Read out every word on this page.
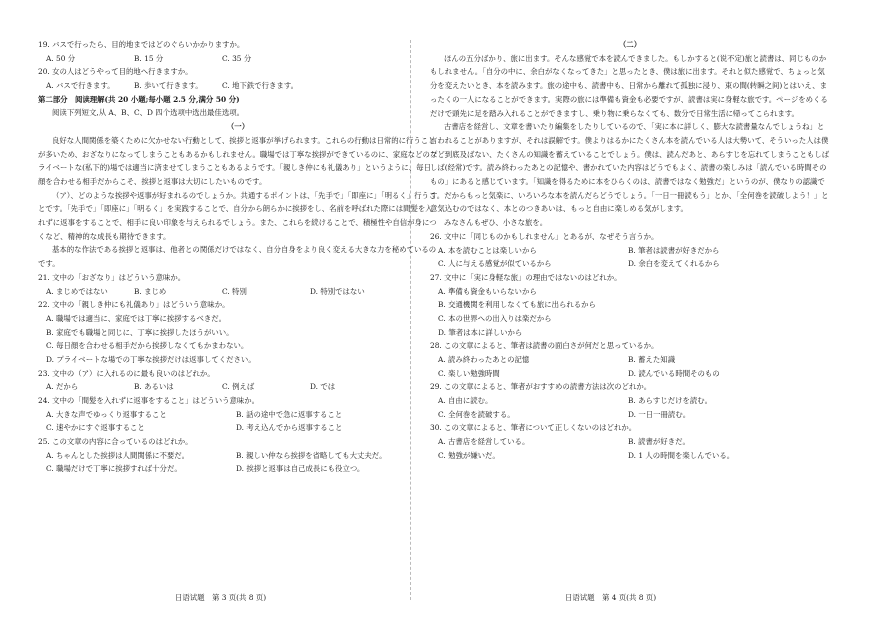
19. バスで行ったら、目的地まではどのぐらいかかりますか。
A. 50 分	B. 15 分	C. 35 分
20. 女の人はどうやって目的地へ行きますか。
A. バスで行きます。	B. 歩いて行きます。	C. 地下鉄で行きます。
第二部分　阅读理解(共 20 小题;每小题 2.5 分,满分 50 分)
阅读下列短文,从 A、B、C、D 四个选项中选出最佳选项。
（一）
良好な人間関係を築くために欠かせない行動として、挨拶と返事が挙げられます。これらの行動は日常的に行うことが多いため、おざなりになってしまうこともあるかもしれません。職場では丁寧な挨拶ができているのに、家庭などのプライベートな(私下的)場では適当に済ませてしまうこともあるようです。「親しき仲にも礼儀あり」というように、毎日顔を合わせる相手だからこそ、挨拶と返事は大切にしたいものです。
（ア）、どのような挨拶や返事が好まれるのでしょうか。共通するポイントは、「先手で」「即座に」「明るく」行うことです。「先手で」「即座に」「明るく」を実践することで、自分から朗らかに挨拶をし、名前を呼ばれた際には間髪を入れずに返事をすることで、相手に良い印象を与えられるでしょう。また、これらを続けることで、積極性や自信が身につくなど、精神的な成長も期待できます。
基本的な作法である挨拶と返事は、他者との関係だけではなく、自分自身をより良く変える大きな力を秘めているのです。
21. 文中の「おざなり」はどういう意味か。
A. まじめではない	B. まじめ	C. 特別	D. 特別ではない
22. 文中の「親しき仲にも礼儀あり」はどういう意味か。
A. 職場では適当に、家庭では丁寧に挨拶するべきだ。
B. 家庭でも職場と同じに、丁寧に挨拶したほうがいい。
C. 毎日顔を合わせる相手だから挨拶しなくてもかまわない。
D. プライベートな場での丁寧な挨拶だけは返事してください。
23. 文中の（ア）に入れるのに最も良いのはどれか。
A. だから	B. あるいは	C. 例えば	D. では
24. 文中の「間髪を入れずに返事をすること」はどういう意味か。
A. 大きな声でゆっくり返事すること	B. 話の途中で急に返事すること
C. 速やかにすぐ返事すること	D. 考え込んでから返事すること
25. この文章の内容に合っているのはどれか。
A. ちゃんとした挨拶は人間関係に不要だ。	B. 親しい仲なら挨拶を省略しても大丈夫だ。
C. 職場だけで丁寧に挨拶すれば十分だ。	D. 挨拶と返事は自己成長にも役立つ。
（二）
ほんの五分ばかり、旅に出ます。そんな感覚で本を読んできました。もしかすると(说不定)旅と読書は、同じものかもしれません。「自分の中に、余白がなくなってきた」と思ったとき、僕は旅に出ます。それと似た感覚で、ちょっと気分を変えたいとき、本を読みます。旅の途中も、読書中も、日常から離れて孤独に浸り、束の間(转瞬之间)とはいえ、まったくの一人になることができます。実際の旅には準備も資金も必要ですが、読書は実に身軽な旅です。ページをめくるだけで頭先に足を踏み入れることができますし、乗り物に乗らなくても、数分で日常生活に帰ってこられます。
古書店を経営し、文章を書いたり編集をしたりしているので、「実に本に詳しく、膨大な読書量なんでしょうね」と言われることがありますが、それは誤解です。僕よりはるかにたくさん本を読んでいる人は大勢いて、そういった人は僕など到底及ばない、たくさんの知識を蓄えていることでしょう。僕は、読んだあと、あらすじを忘れてしまうこともしばしば(经常)です。読み終わったあとの記憶や、書かれていた内容はどうでもよく、読書の楽しみは「読んでいる時間そのもの」にあると感じています。「知識を得るために本をひらくのは、読書ではなく勉強だ」というのが、僕なりの認識です。だからもっと気楽に、いろいろな本を読んだらどうでしょう。「一日一冊読もう」とか、「全何巻を読破しよう！」と意気込むのではなく、本とのつきあいは、もっと自由に楽しめる気がします。
みなさんもぜひ、小さな旅を。
26. 文中に「同じものかもしれません」とあるが、なぜそう言うか。
A. 本を読むことは楽しいから	B. 筆者は読書が好きだから
C. 人に与える感覚が似ているから	D. 余白を変えてくれるから
27. 文中に「実に身軽な旅」の理由ではないのはどれか。
A. 準備も資金もいらないから
B. 交通機関を利用しなくても旅に出られるから
C. 本の世界への出入りは楽だから
D. 筆者は本に詳しいから
28. この文章によると、筆者は読書の面白さが何だと思っているか。
A. 読み終わったあとの記憶	B. 蓄えた知識
C. 楽しい勉強時間	D. 読んでいる時間そのもの
29. この文章によると、筆者がおすすめの読書方法は次のどれか。
A. 自由に読む。	B. あらすじだけを読む。
C. 全何巻を読破する。	D. 一日一冊読む。
30. この文章によると、筆者について正しくないのはどれか。
A. 古書店を経営している。	B. 読書が好きだ。
C. 勉強が嫌いだ。	D. 1 人の時間を楽しんでいる。
日语试题　第 3 页(共 8 页)	日语试题　第 4 页(共 8 页)
